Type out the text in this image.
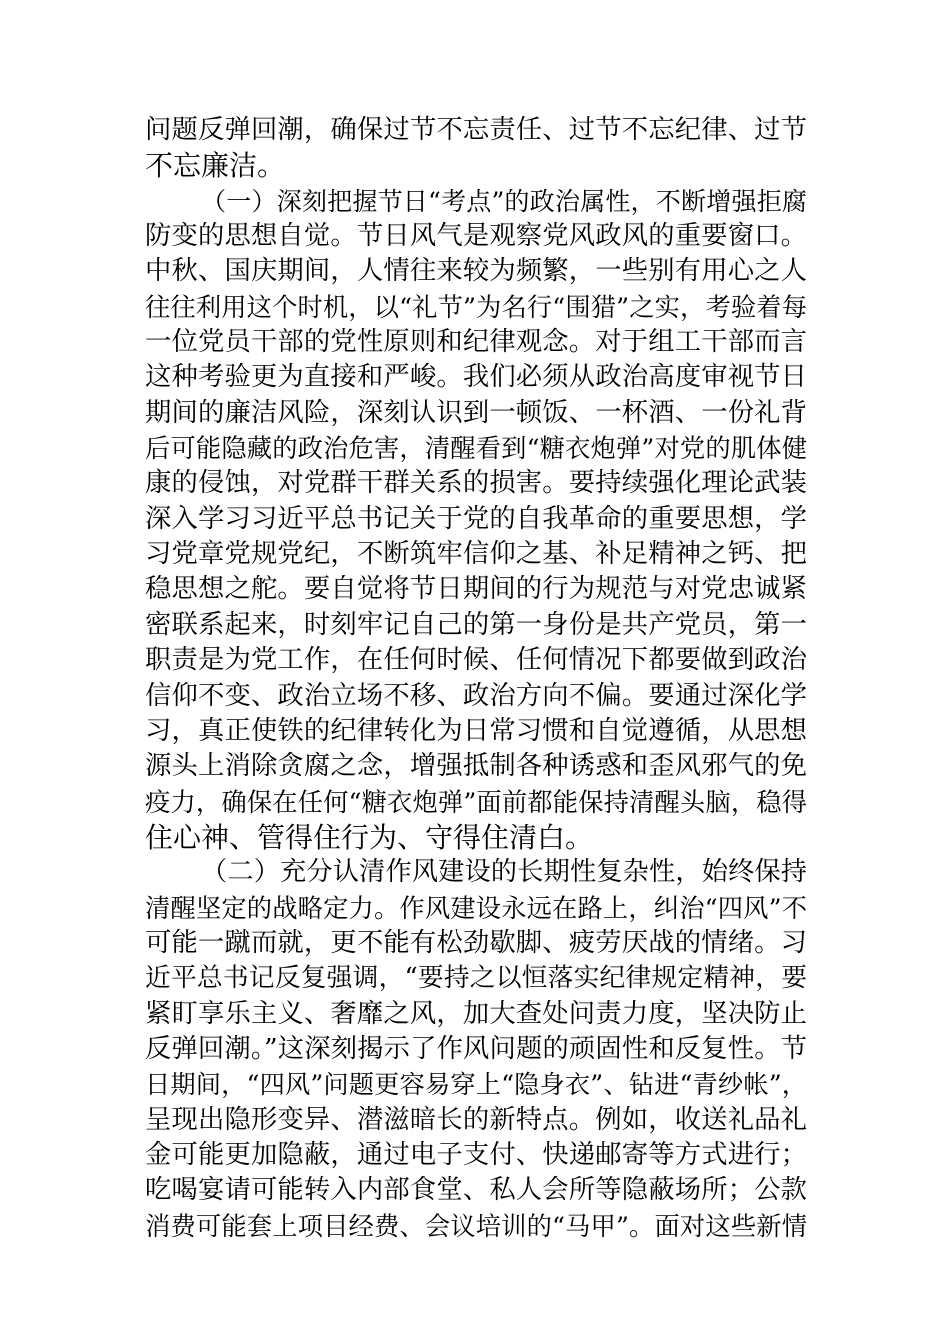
问题反弹回潮，确保过节不忘责任、过节不忘纪律、过节
不忘廉洁。
（一）深刻把握节日“考点”的政治属性，不断增强拒腐
防变的思想自觉。节日风气是观察党风政风的重要窗口。
中秋、国庆期间，人情往来较为频繁，一些别有用心之人
往往利用这个时机，以“礼节”为名行“围猎”之实，考验着每
一位党员干部的党性原则和纪律观念。对于组工干部而言
这种考验更为直接和严峻。我们必须从政治高度审视节日
期间的廉洁风险，深刻认识到一顿饭、一杯酒、一份礼背
后可能隐藏的政治危害，清醒看到“糖衣炮弹”对党的肌体健
康的侵蚀，对党群干群关系的损害。要持续强化理论武装
深入学习习近平总书记关于党的自我革命的重要思想，学
习党章党规党纪，不断筑牢信仰之基、补足精神之钙、把
稳思想之舵。要自觉将节日期间的行为规范与对党忠诚紧
密联系起来，时刻牢记自己的第一身份是共产党员，第一
职责是为党工作，在任何时候、任何情况下都要做到政治
信仰不变、政治立场不移、政治方向不偏。要通过深化学
习，真正使铁的纪律转化为日常习惯和自觉遵循，从思想
源头上消除贪腐之念，增强抵制各种诱惑和歪风邪气的免
疫力，确保在任何“糖衣炮弹”面前都能保持清醒头脑，稳得
住心神、管得住行为、守得住清白。
（二）充分认清作风建设的长期性复杂性，始终保持
清醒坚定的战略定力。作风建设永远在路上，纠治“四风”不
可能一蹴而就，更不能有松劲歇脚、疲劳厌战的情绪。习
近平总书记反复强调，“要持之以恒落实纪律规定精神，要
紧盯享乐主义、奢靡之风，加大查处问责力度，坚决防止
反弹回潮。”这深刻揭示了作风问题的顽固性和反复性。节
日期间，“四风”问题更容易穿上“隐身衣”、钻进“青纱帐”，
呈现出隐形变异、潜滋暗长的新特点。例如，收送礼品礼
金可能更加隐蔽，通过电子支付、快递邮寄等方式进行；
吃喝宴请可能转入内部食堂、私人会所等隐蔽场所；公款
消费可能套上项目经费、会议培训的“马甲”。面对这些新情
